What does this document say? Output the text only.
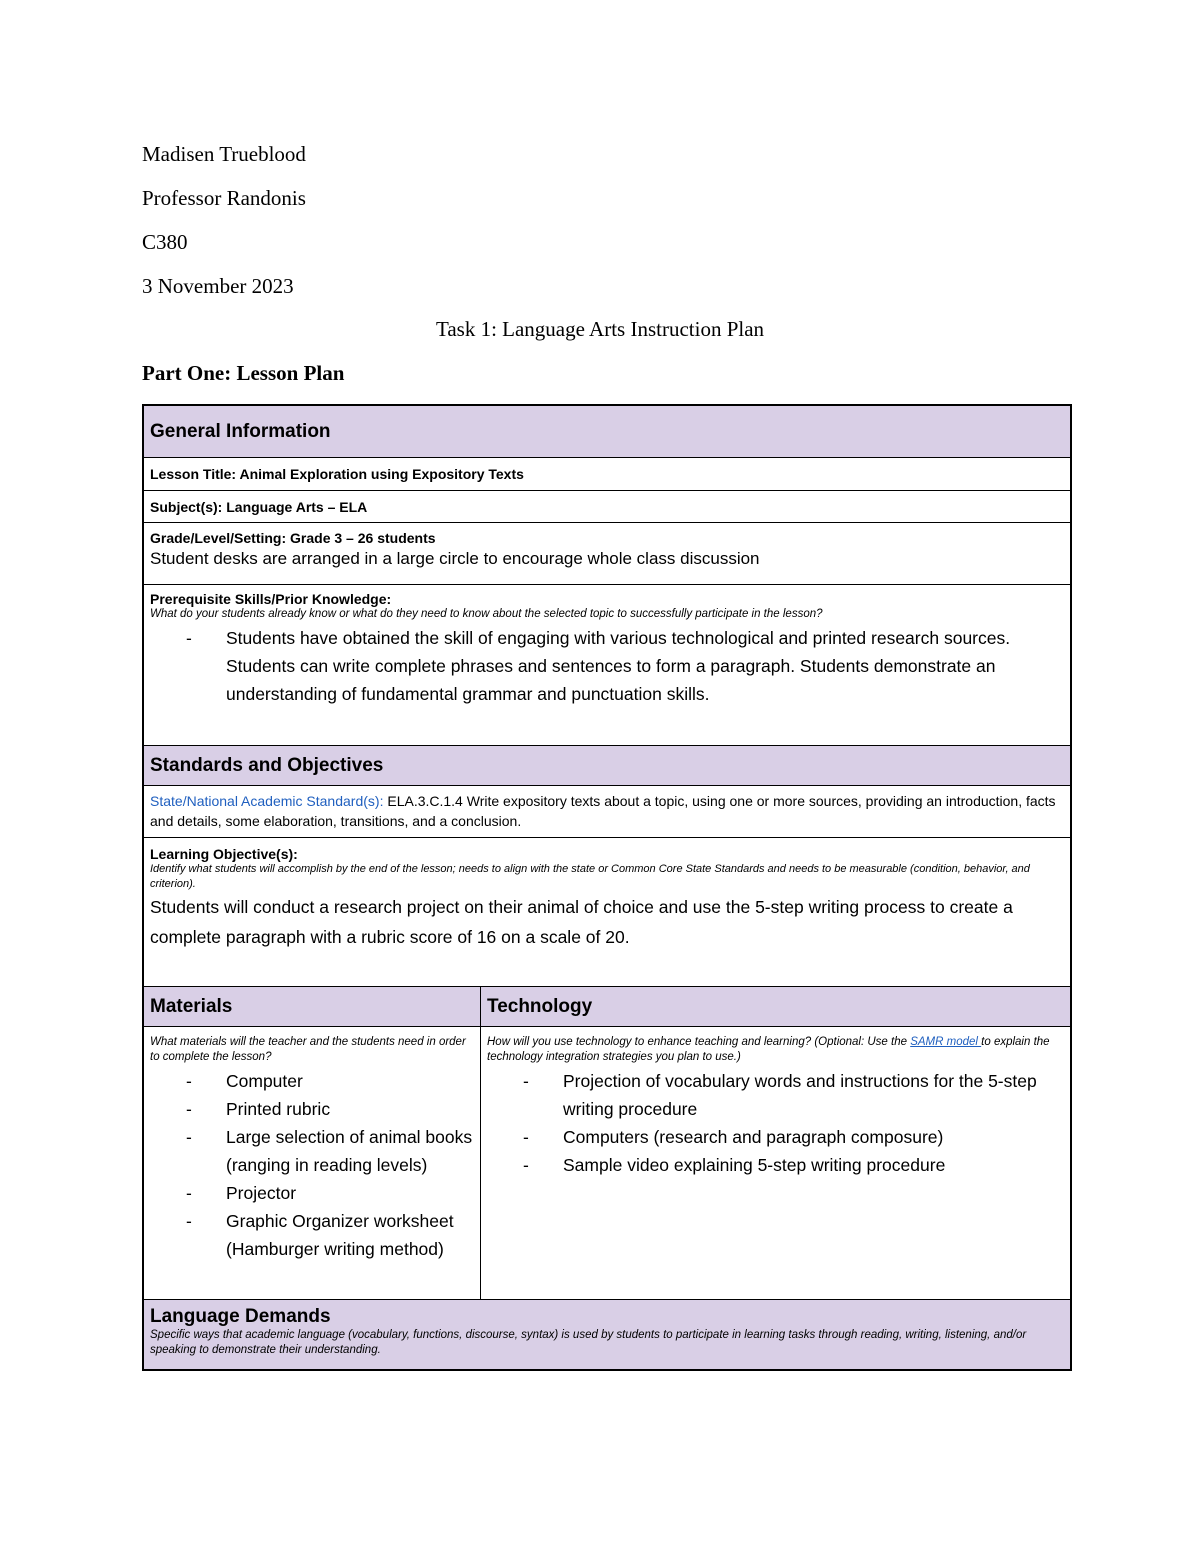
Madisen Trueblood
Professor Randonis
C380
3 November 2023
Task 1: Language Arts Instruction Plan
Part One: Lesson Plan
General Information
Lesson Title: Animal Exploration using Expository Texts
Subject(s): Language Arts – ELA
Grade/Level/Setting: Grade 3 – 26 students
Student desks are arranged in a large circle to encourage whole class discussion
Prerequisite Skills/Prior Knowledge:
What do your students already know or what do they need to know about the selected topic to successfully participate in the lesson?
- Students have obtained the skill of engaging with various technological and printed research sources. Students can write complete phrases and sentences to form a paragraph. Students demonstrate an understanding of fundamental grammar and punctuation skills.
Standards and Objectives
State/National Academic Standard(s): ELA.3.C.1.4 Write expository texts about a topic, using one or more sources, providing an introduction, facts and details, some elaboration, transitions, and a conclusion.
Learning Objective(s):
Identify what students will accomplish by the end of the lesson; needs to align with the state or Common Core State Standards and needs to be measurable (condition, behavior, and criterion).
Students will conduct a research project on their animal of choice and use the 5-step writing process to create a complete paragraph with a rubric score of 16 on a scale of 20.
Materials	Technology
What materials will the teacher and the students need in order to complete the lesson?
- Computer
- Printed rubric
- Large selection of animal books (ranging in reading levels)
- Projector
- Graphic Organizer worksheet (Hamburger writing method)
How will you use technology to enhance teaching and learning? (Optional: Use the SAMR model to explain the technology integration strategies you plan to use.)
- Projection of vocabulary words and instructions for the 5-step writing procedure
- Computers (research and paragraph composure)
- Sample video explaining 5-step writing procedure
Language Demands
Specific ways that academic language (vocabulary, functions, discourse, syntax) is used by students to participate in learning tasks through reading, writing, listening, and/or speaking to demonstrate their understanding.
